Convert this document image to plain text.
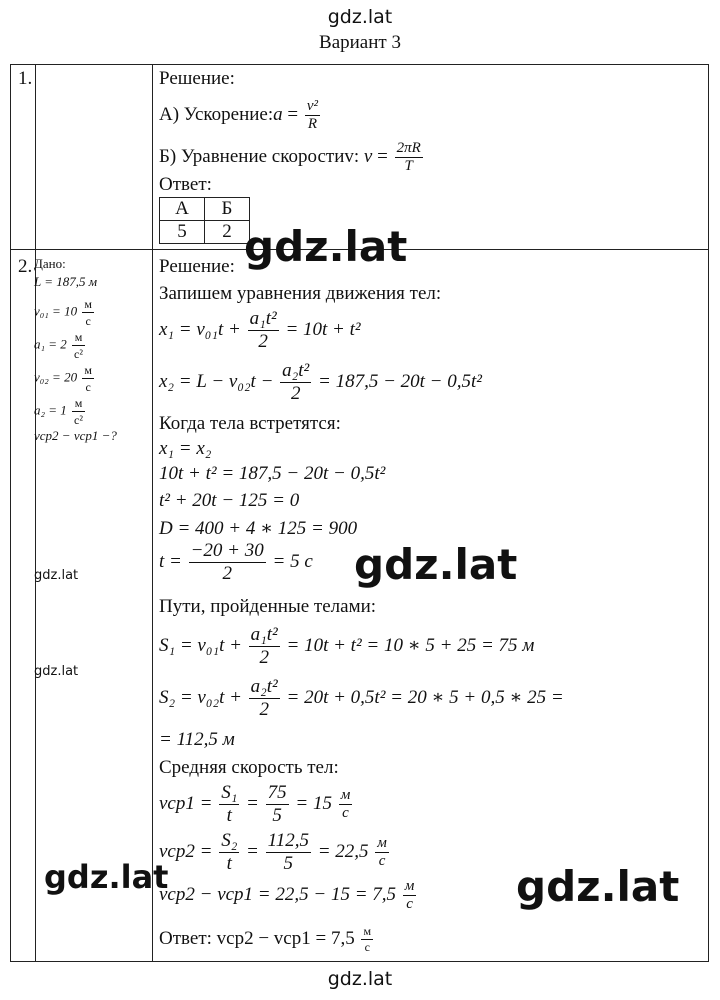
gdz.lat
Вариант 3
1.	Решение:
А) Ускорение:a = $\frac{\text{v²}}{R}$
Б) Уравнение скоростиv: $v = \frac{2\pi R}{T}$
Ответ:
А	Б
5	2
2. Дано:
L = 187,5 м
$v_{01} = 10 \frac{м}{с}$
$a_1 = 2 \frac{м}{\text{с²}}$
$v_{02} = 20 \frac{м}{с}$
$a_2 = 1 \frac{м}{\text{с²}}$
vср2 − vср1 −?
Решение:
Запишем уравнения движения тел:
$x_1 = v_{01}t + \frac{\text{a₁t²}}{2} = 10t + t^2$
$x_2 = L - v_{02}t - \frac{\text{a₂t²}}{2} = 187,5 - 20t - 0,5t^2$
Когда тела встретятся:
x₁ = x₂
10t + t² = 187,5 − 20t − 0,5t²
t² + 20t − 125 = 0
D = 400 + 4 ∗ 125 = 900
$t = \frac{-20 + 30}{2} = 5$ с
Пути, пройденные телами:
$S_1 = v_{01}t + \frac{\text{a₁t²}}{2} = 10t + t^2 = 10$ ∗ 5 + 25 = 75 м
$S_2 = v_{02}t + \frac{\text{a₂t²}}{2} = 20t + 0,5t^2 = 20$ ∗ 5 + 0,5 ∗ 25 =
= 112,5 м
Средняя скорость тел:
$vср1 = \frac{\text{S₁}}{t} = \frac{75}{5} = 15 \frac{м}{с}$
$vср2 = \frac{\text{S₂}}{t} = \frac{112,5}{5} = 22,5 \frac{м}{с}$
$vср2 - vср1 = 22,5 - 15 = 7,5 \frac{м}{с}$
Ответ: $vср2 - vср1 = 7,5 \frac{м}{с}$
gdz.lat
gdz.lat
gdz.lat
gdz.lat
gdz.lat	gdz.lat
gdz.lat
